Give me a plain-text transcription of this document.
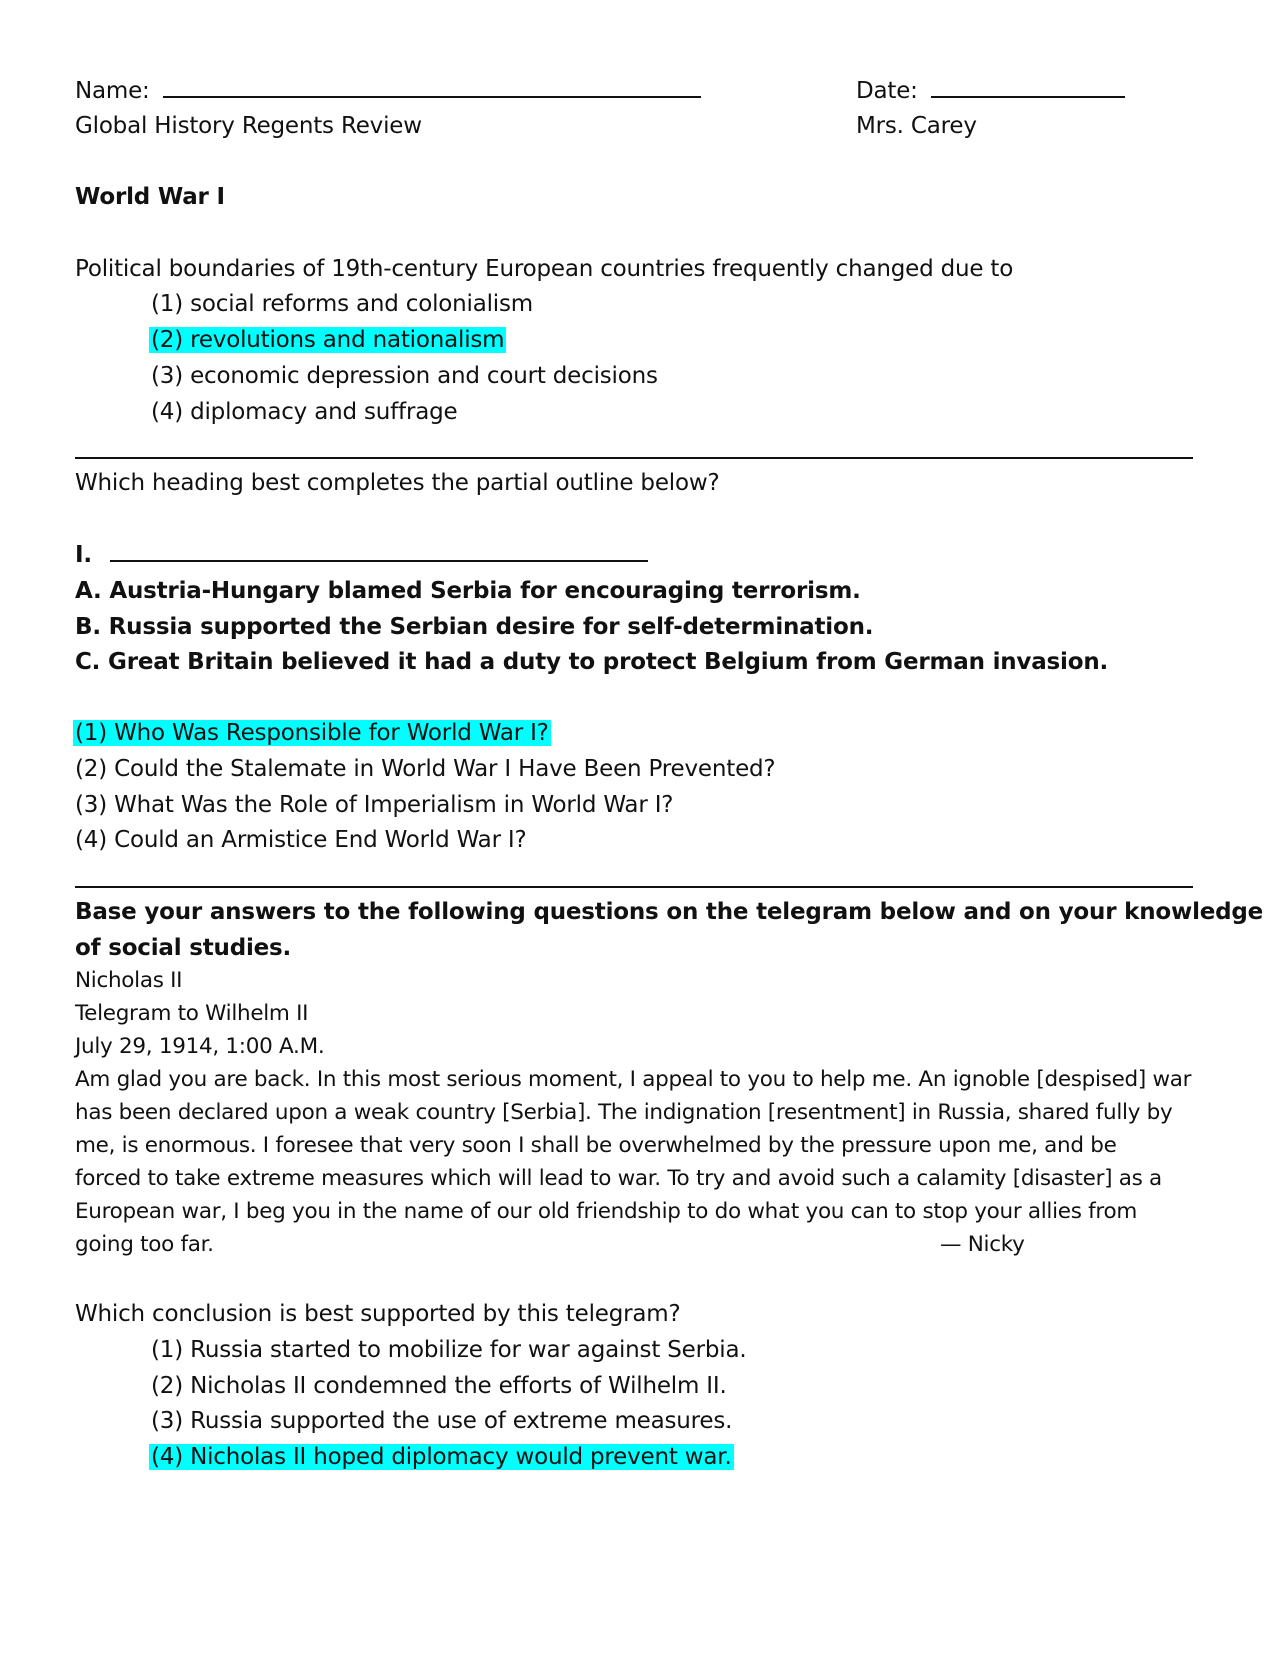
Name:	Date:
Global History Regents Review	Mrs. Carey
World War I
Political boundaries of 19th-century European countries frequently changed due to
(1) social reforms and colonialism
(2) revolutions and nationalism
(3) economic depression and court decisions
(4) diplomacy and suffrage
Which heading best completes the partial outline below?
I.
A. Austria-Hungary blamed Serbia for encouraging terrorism.
B. Russia supported the Serbian desire for self-determination.
C. Great Britain believed it had a duty to protect Belgium from German invasion.
(1) Who Was Responsible for World War I?
(2) Could the Stalemate in World War I Have Been Prevented?
(3) What Was the Role of Imperialism in World War I?
(4) Could an Armistice End World War I?
Base your answers to the following questions on the telegram below and on your knowledge
of social studies.
Nicholas II
Telegram to Wilhelm II
July 29, 1914, 1:00 A.M.
Am glad you are back. In this most serious moment, I appeal to you to help me. An ignoble [despised] war
has been declared upon a weak country [Serbia]. The indignation [resentment] in Russia, shared fully by
me, is enormous. I foresee that very soon I shall be overwhelmed by the pressure upon me, and be
forced to take extreme measures which will lead to war. To try and avoid such a calamity [disaster] as a
European war, I beg you in the name of our old friendship to do what you can to stop your allies from
going too far.	— Nicky
Which conclusion is best supported by this telegram?
(1) Russia started to mobilize for war against Serbia.
(2) Nicholas II condemned the efforts of Wilhelm II.
(3) Russia supported the use of extreme measures.
(4) Nicholas II hoped diplomacy would prevent war.
